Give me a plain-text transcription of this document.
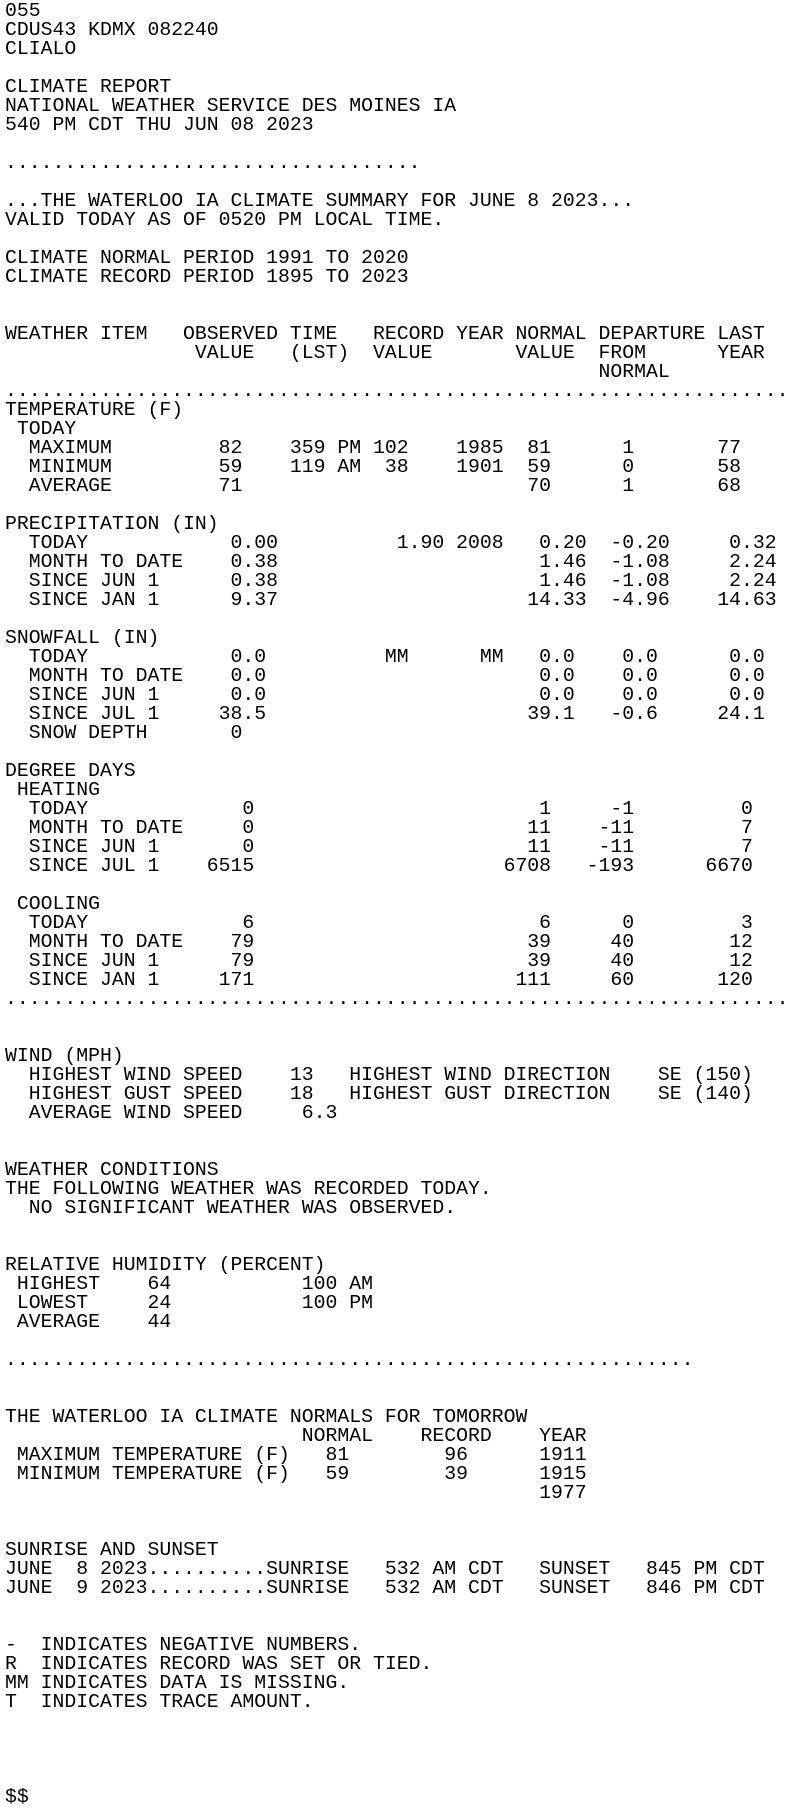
055
CDUS43 KDMX 082240
CLIALO
CLIMATE REPORT
NATIONAL WEATHER SERVICE DES MOINES IA
540 PM CDT THU JUN 08 2023
...................................
...THE WATERLOO IA CLIMATE SUMMARY FOR JUNE 8 2023...
VALID TODAY AS OF 0520 PM LOCAL TIME.
CLIMATE NORMAL PERIOD 1991 TO 2020
CLIMATE RECORD PERIOD 1895 TO 2023
WEATHER ITEM   OBSERVED TIME   RECORD YEAR NORMAL DEPARTURE LAST
VALUE   (LST)  VALUE       VALUE  FROM      YEAR
NORMAL
..................................................................
TEMPERATURE (F)
TODAY
MAXIMUM         82    359 PM 102    1985  81      1       77
MINIMUM         59    119 AM  38    1901  59      0       58
AVERAGE         71                        70      1       68
PRECIPITATION (IN)
TODAY            0.00          1.90 2008   0.20  -0.20     0.32
MONTH TO DATE    0.38                      1.46  -1.08     2.24
SINCE JUN 1      0.38                      1.46  -1.08     2.24
SINCE JAN 1      9.37                     14.33  -4.96    14.63
SNOWFALL (IN)
TODAY            0.0          MM      MM   0.0    0.0      0.0
MONTH TO DATE    0.0                       0.0    0.0      0.0
SINCE JUN 1      0.0                       0.0    0.0      0.0
SINCE JUL 1     38.5                      39.1   -0.6     24.1
SNOW DEPTH       0
DEGREE DAYS
HEATING
TODAY             0                        1     -1         0
MONTH TO DATE     0                       11    -11         7
SINCE JUN 1       0                       11    -11         7
SINCE JUL 1    6515                     6708   -193      6670
COOLING
TODAY             6                        6      0         3
MONTH TO DATE    79                       39     40        12
SINCE JUN 1      79                       39     40        12
SINCE JAN 1     171                      111     60       120
..................................................................
WIND (MPH)
HIGHEST WIND SPEED    13   HIGHEST WIND DIRECTION    SE (150)
HIGHEST GUST SPEED    18   HIGHEST GUST DIRECTION    SE (140)
AVERAGE WIND SPEED     6.3
WEATHER CONDITIONS
THE FOLLOWING WEATHER WAS RECORDED TODAY.
NO SIGNIFICANT WEATHER WAS OBSERVED.
RELATIVE HUMIDITY (PERCENT)
HIGHEST    64           100 AM
LOWEST     24           100 PM
AVERAGE    44
..........................................................
THE WATERLOO IA CLIMATE NORMALS FOR TOMORROW
NORMAL    RECORD    YEAR
MAXIMUM TEMPERATURE (F)   81        96      1911
MINIMUM TEMPERATURE (F)   59        39      1915
1977
SUNRISE AND SUNSET
JUNE  8 2023..........SUNRISE   532 AM CDT   SUNSET   845 PM CDT
JUNE  9 2023..........SUNRISE   532 AM CDT   SUNSET   846 PM CDT
-  INDICATES NEGATIVE NUMBERS.
R  INDICATES RECORD WAS SET OR TIED.
MM INDICATES DATA IS MISSING.
T  INDICATES TRACE AMOUNT.
$$
